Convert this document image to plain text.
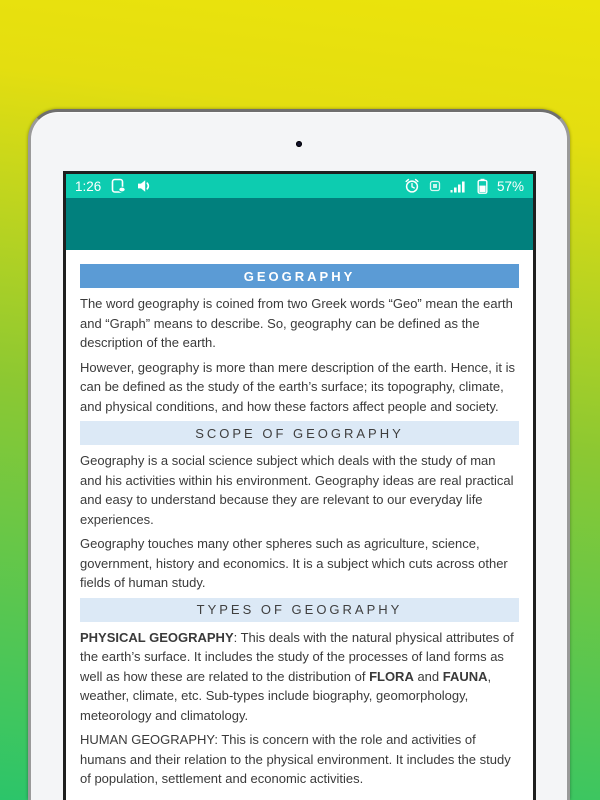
1:26	57%
GEOGRAPHY

The word geography is coined from two Greek words “Geo” mean the earth and “Graph” means to describe. So, geography can be defined as the description of the earth.

However, geography is more than mere description of the earth. Hence, it is can be defined as the study of the earth’s surface; its topography, climate, and physical conditions, and how these factors affect people and society.

SCOPE OF GEOGRAPHY

Geography is a social science subject which deals with the study of man and his activities within his environment. Geography ideas are real practical and easy to understand because they are relevant to our everyday life experiences.

Geography touches many other spheres such as agriculture, science, government, history and economics. It is a subject which cuts across other fields of human study.

TYPES OF GEOGRAPHY

PHYSICAL GEOGRAPHY: This deals with the natural physical attributes of the earth’s surface. It includes the study of the processes of land forms as well as how these are related to the distribution of FLORA and FAUNA, weather, climate, etc. Sub-types include biography, geomorphology, meteorology and climatology.

HUMAN GEOGRAPHY: This is concern with the role and activities of humans and their relation to the physical environment. It includes the study of population, settlement and economic activities.
